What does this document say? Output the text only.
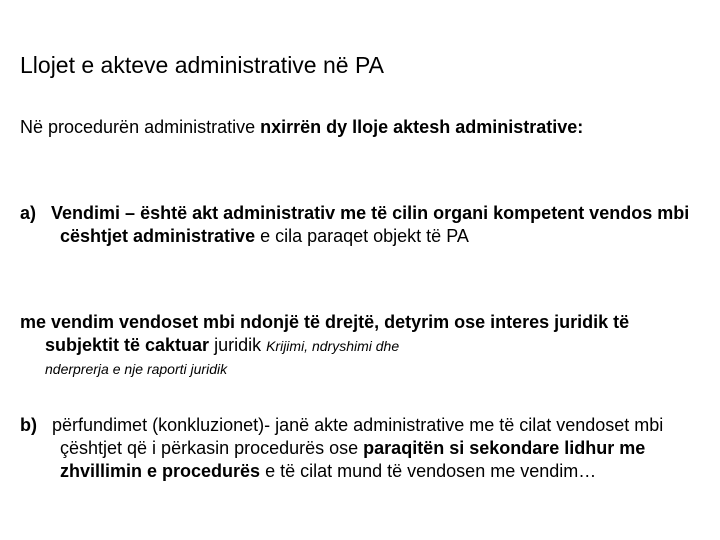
Llojet e akteve administrative në PA

Në procedurën administrative nxirrën dy lloje aktesh administrative:

a) Vendimi – është akt administrativ me të cilin organi kompetent vendos mbi cështjet administrative e cila paraqet objekt të PA

me vendim vendoset mbi ndonjë të drejtë, detyrim ose interes juridik të subjektit të caktuar juridik Krijimi, ndryshimi dhe
nderprerja e nje raporti juridik

b)   përfundimet (konkluzionet)- janë akte administrative me të cilat vendoset mbi çështjet që i përkasin procedurës ose paraqitën si sekondare lidhur me zhvillimin e procedurës e të cilat mund të vendosen me vendim…
